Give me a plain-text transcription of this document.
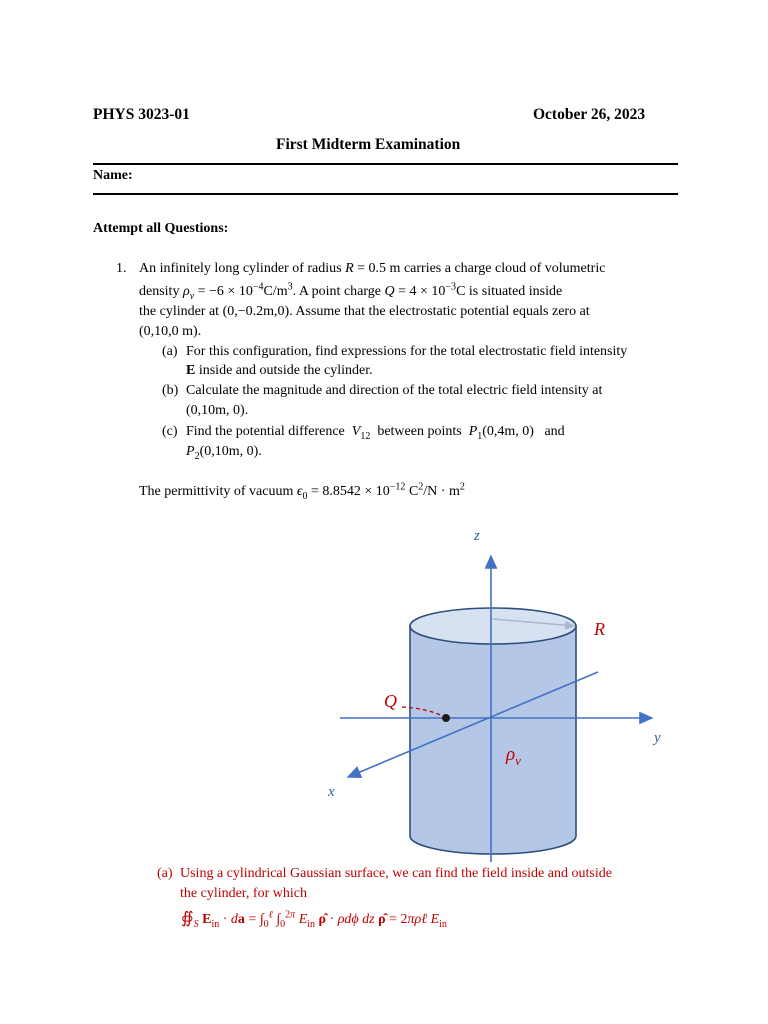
PHYS 3023-01	October 26, 2023
First Midterm Examination
Name:
Attempt all Questions:
1. An infinitely long cylinder of radius R = 0.5 m carries a charge cloud of volumetric
density $\rho_v = -6 \times 10^{-4}C/m^3$. A point charge $Q = 4 \times 10^{-3}C$ is situated inside
the cylinder at (0,−0.2m,0). Assume that the electrostatic potential equals zero at
(0,10,0 m).
(a) For this configuration, find expressions for the total electrostatic field intensity
E inside and outside the cylinder.
(b) Calculate the magnitude and direction of the total electric field intensity at
(0,10m, 0).
(c) Find the potential difference $V_{12}$ between points $P_1(0,4m$, 0) and
$P_2(0,10m$, 0).
The permittivity of vacuum $\epsilon_0 = 8.8542 \times 10^{-12}$ $C^2/N \cdot m^2$
z
y
x
R
Q
$\rho_v$
(a) Using a cylindrical Gaussian surface, we can find the field inside and outside
the cylinder, for which
$∯_S$ $E_{in}$ · da = $\int_0^\ell$ $\int_0^{2\pi}$ $E_{in}$ ρ̂ · ρdϕ dz ρ̂ = 2πρℓ $E_{in}$
